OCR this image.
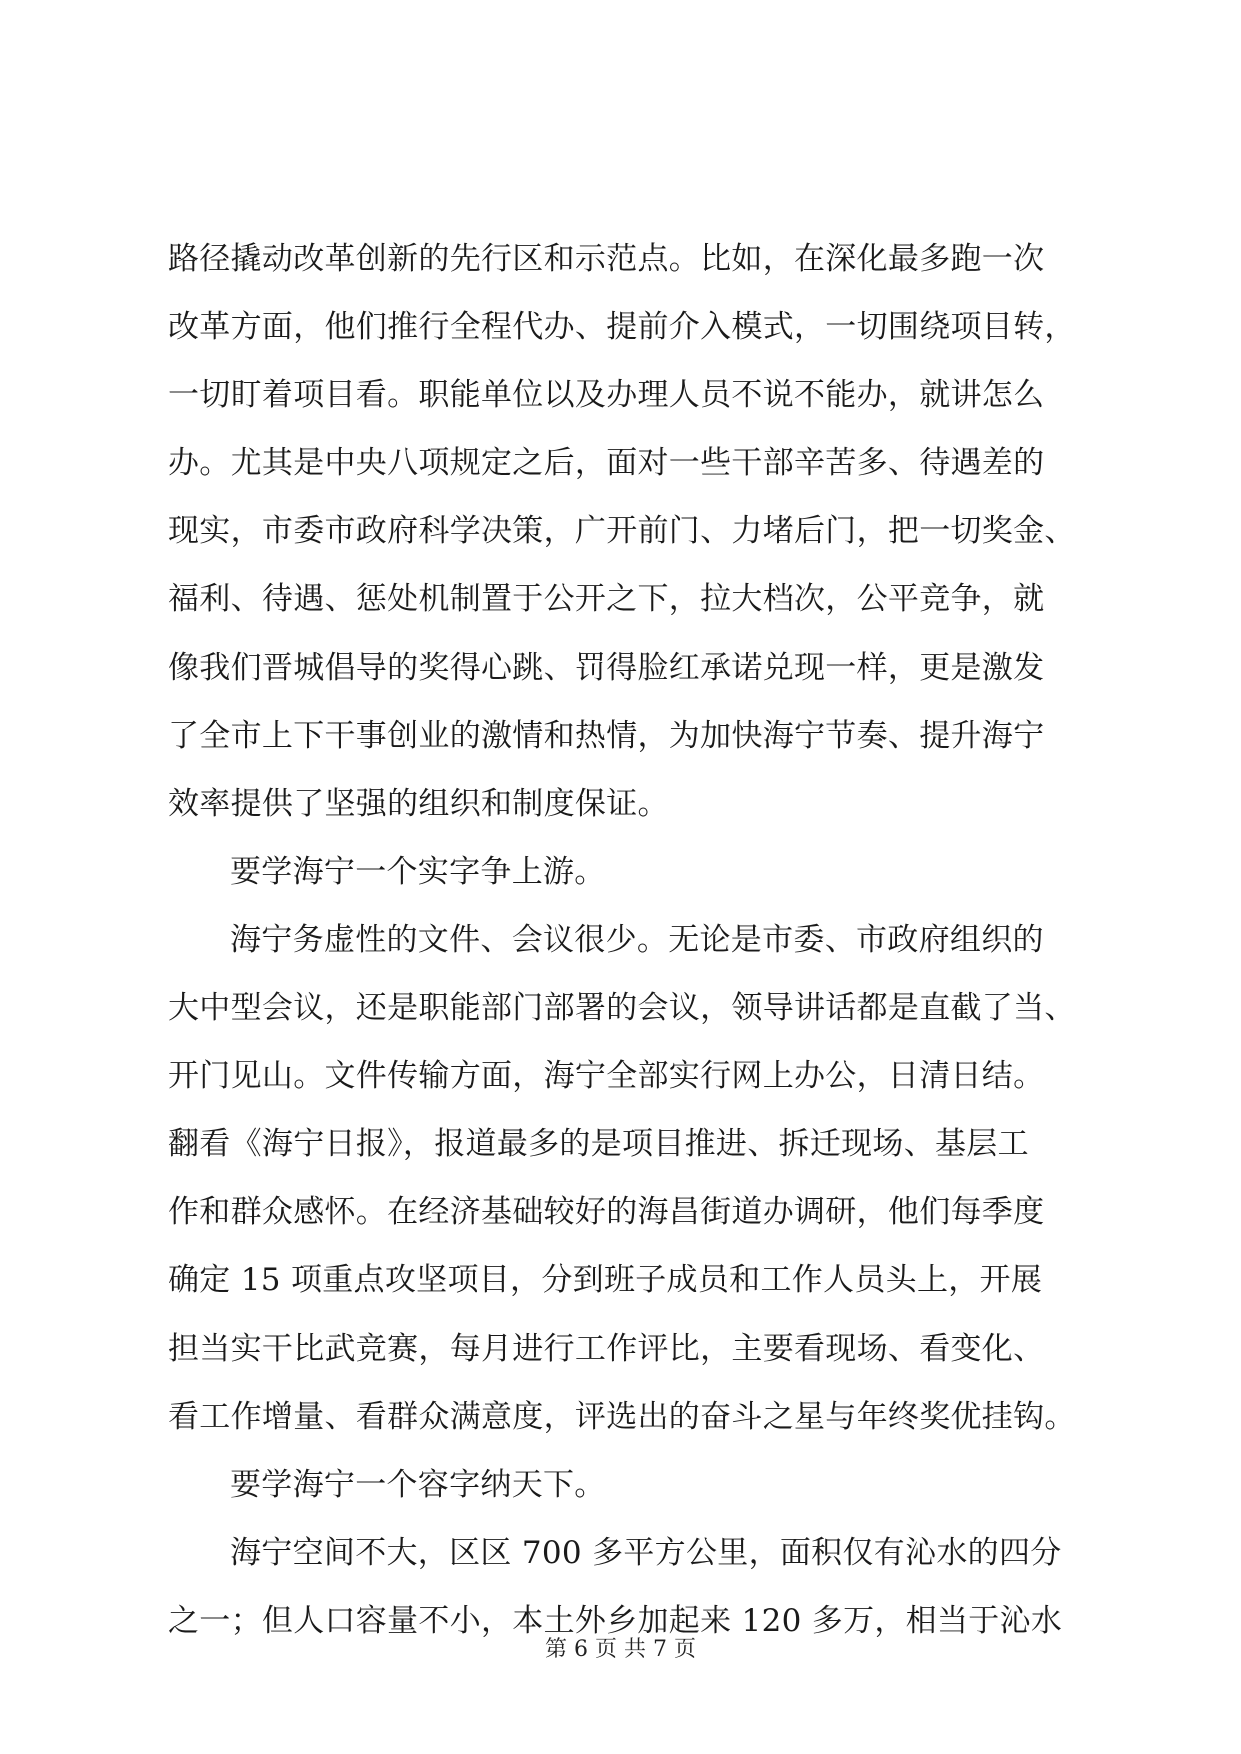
路径撬动改革创新的先行区和示范点。比如，在深化最多跑一次
改革方面，他们推行全程代办、提前介入模式，一切围绕项目转，
一切盯着项目看。职能单位以及办理人员不说不能办，就讲怎么
办。尤其是中央八项规定之后，面对一些干部辛苦多、待遇差的
现实，市委市政府科学决策，广开前门、力堵后门，把一切奖金、
福利、待遇、惩处机制置于公开之下，拉大档次，公平竞争，就
像我们晋城倡导的奖得心跳、罚得脸红承诺兑现一样，更是激发
了全市上下干事创业的激情和热情，为加快海宁节奏、提升海宁
效率提供了坚强的组织和制度保证。
要学海宁一个实字争上游。
海宁务虚性的文件、会议很少。无论是市委、市政府组织的
大中型会议，还是职能部门部署的会议，领导讲话都是直截了当、
开门见山。文件传输方面，海宁全部实行网上办公，日清日结。
翻看《海宁日报》，报道最多的是项目推进、拆迁现场、基层工
作和群众感怀。在经济基础较好的海昌街道办调研，他们每季度
确定 15 项重点攻坚项目，分到班子成员和工作人员头上，开展
担当实干比武竞赛，每月进行工作评比，主要看现场、看变化、
看工作增量、看群众满意度，评选出的奋斗之星与年终奖优挂钩。
要学海宁一个容字纳天下。
海宁空间不大，区区 700 多平方公里，面积仅有沁水的四分
之一；但人口容量不小，本土外乡加起来 120 多万，相当于沁水
第 6 页 共 7 页
